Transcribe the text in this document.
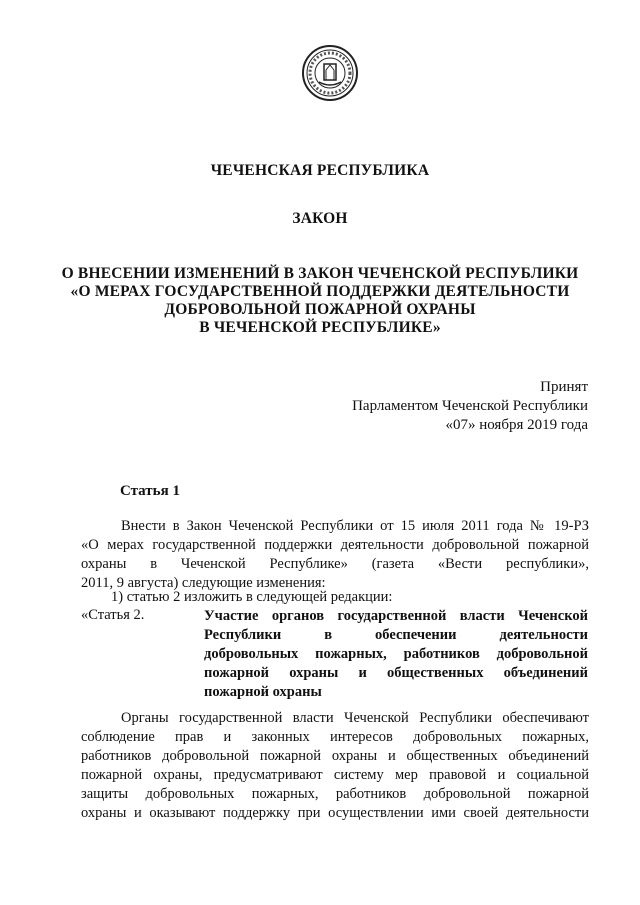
ЧЕЧЕНСКАЯ РЕСПУБЛИКА
ЗАКОН
О ВНЕСЕНИИ ИЗМЕНЕНИЙ В ЗАКОН ЧЕЧЕНСКОЙ РЕСПУБЛИКИ
«О МЕРАХ ГОСУДАРСТВЕННОЙ ПОДДЕРЖКИ ДЕЯТЕЛЬНОСТИ
ДОБРОВОЛЬНОЙ ПОЖАРНОЙ ОХРАНЫ
В ЧЕЧЕНСКОЙ РЕСПУБЛИКЕ»
Принят
Парламентом Чеченской Республики
«07» ноября 2019 года
Статья 1
Внести в Закон Чеченской Республики от 15 июля 2011 года № 19-РЗ
«О мерах государственной поддержки деятельности добровольной пожарной
охраны в Чеченской Республике» (газета «Вести республики»,
2011, 9 августа) следующие изменения:
1) статью 2 изложить в следующей редакции:
«Статья 2.	Участие органов государственной власти Чеченской
Республики в обеспечении деятельности
добровольных пожарных, работников добровольной
пожарной охраны и общественных объединений
пожарной охраны
Органы государственной власти Чеченской Республики обеспечивают
соблюдение прав и законных интересов добровольных пожарных,
работников добровольной пожарной охраны и общественных объединений
пожарной охраны, предусматривают систему мер правовой и социальной
защиты добровольных пожарных, работников добровольной пожарной
охраны и оказывают поддержку при осуществлении ими своей деятельности
